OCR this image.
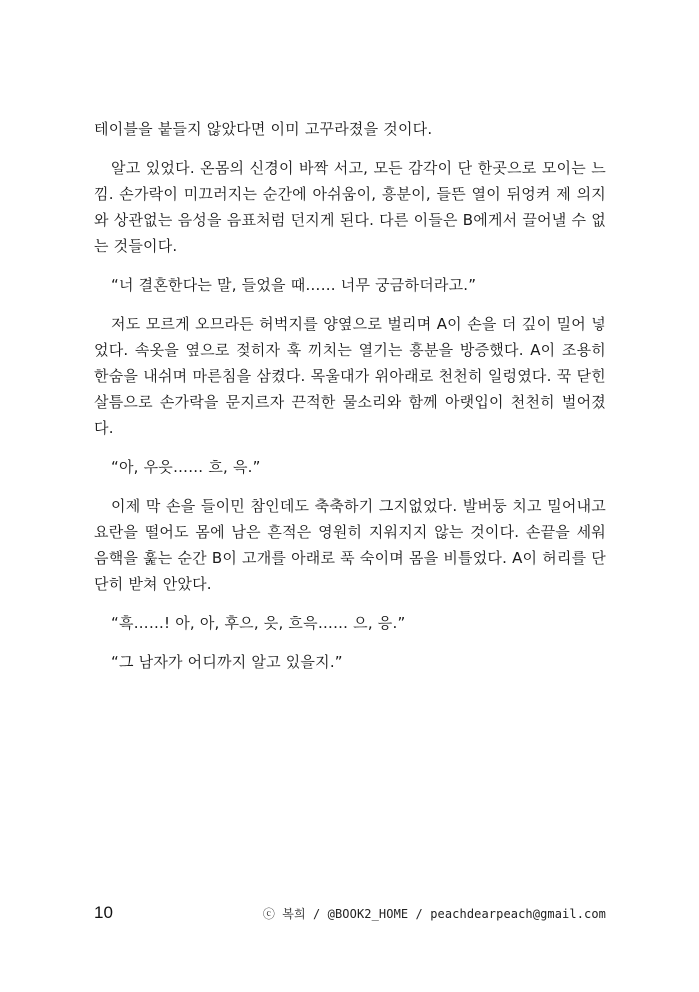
테이블을 붙들지 않았다면 이미 고꾸라졌을 것이다.

알고 있었다. 온몸의 신경이 바짝 서고, 모든 감각이 단 한곳으로 모이는 느낌. 손가락이 미끄러지는 순간에 아쉬움이, 흥분이, 들뜬 열이 뒤엉켜 제 의지와 상관없는 음성을 음표처럼 던지게 된다. 다른 이들은 B에게서 끌어낼 수 없는 것들이다.

“너 결혼한다는 말, 들었을 때…… 너무 궁금하더라고.”

저도 모르게 오므라든 허벅지를 양옆으로 벌리며 A이 손을 더 깊이 밀어 넣었다. 속옷을 옆으로 젖히자 훅 끼치는 열기는 흥분을 방증했다. A이 조용히 한숨을 내쉬며 마른침을 삼켰다. 목울대가 위아래로 천천히 일렁였다. 꾹 닫힌 살틈으로 손가락을 문지르자 끈적한 물소리와 함께 아랫입이 천천히 벌어졌다.

“아, 우읏…… 흐, 윽.”

이제 막 손을 들이민 참인데도 축축하기 그지없었다. 발버둥 치고 밀어내고 요란을 떨어도 몸에 남은 흔적은 영원히 지워지지 않는 것이다. 손끝을 세워 음핵을 훑는 순간 B이 고개를 아래로 푹 숙이며 몸을 비틀었다. A이 허리를 단단히 받쳐 안았다.

“흑……! 아, 아, 후으, 읏, 흐윽…… 으, 응.”

“그 남자가 어디까지 알고 있을지.”

10	ⓒ 복희 / @BOOK2_HOME / peachdearpeach@gmail.com
